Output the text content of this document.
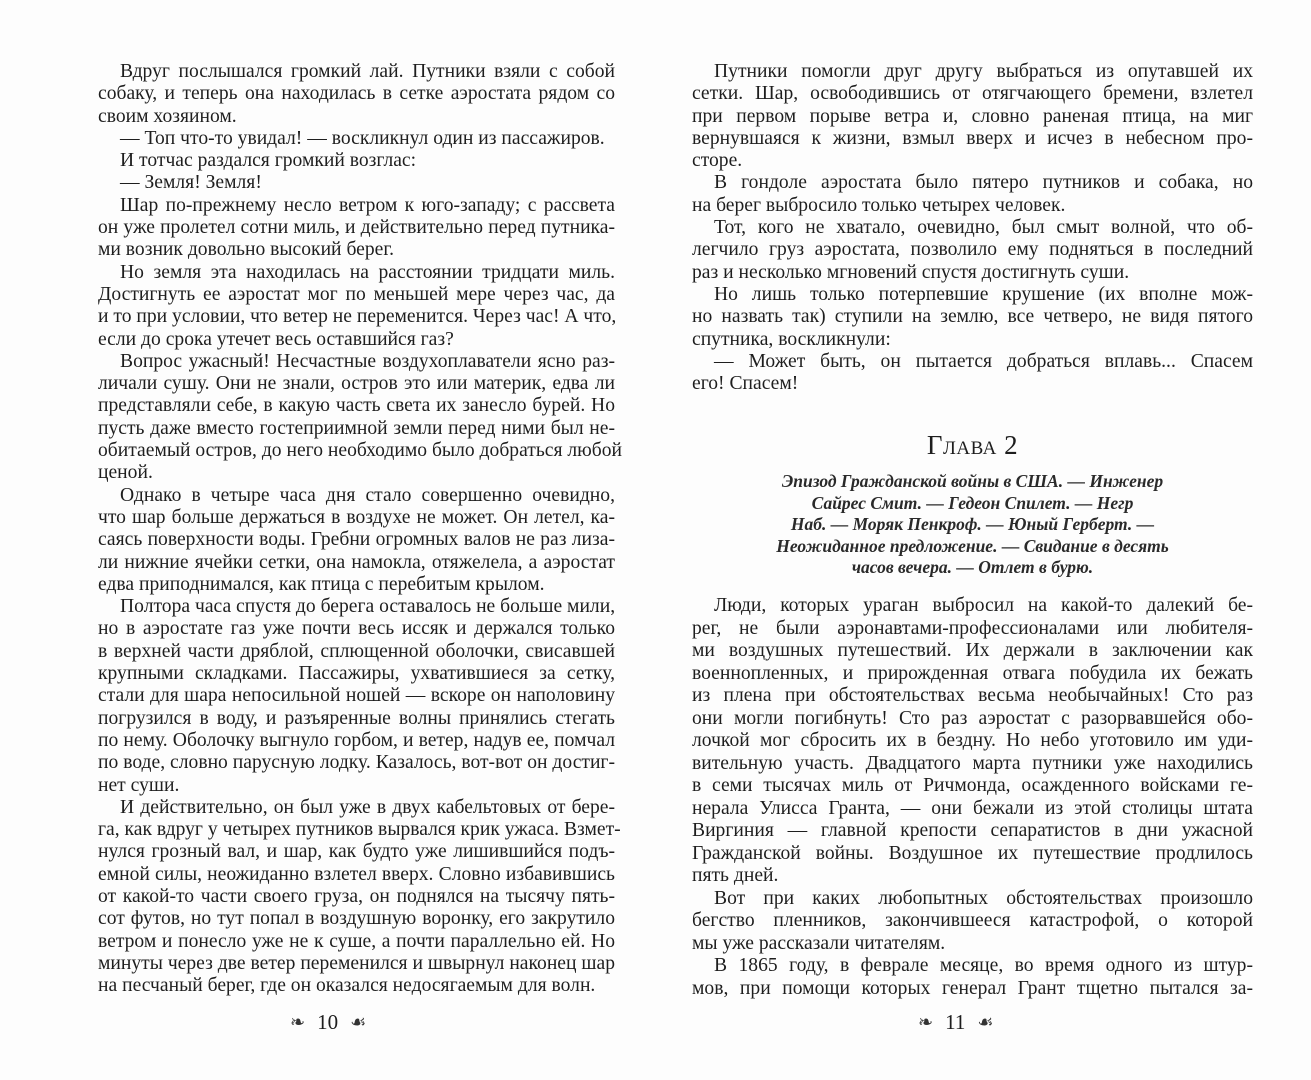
Вдруг послышался громкий лай. Путники взяли с собой
собаку, и теперь она находилась в сетке аэростата рядом со
своим хозяином.
— Топ что-то увидал! — воскликнул один из пассажиров.
И тотчас раздался громкий возглас:
— Земля! Земля!
Шар по-прежнему несло ветром к юго-западу; с рассвета
он уже пролетел сотни миль, и действительно перед путника-
ми возник довольно высокий берег.
Но земля эта находилась на расстоянии тридцати миль.
Достигнуть ее аэростат мог по меньшей мере через час, да
и то при условии, что ветер не переменится. Через час! А что,
если до срока утечет весь оставшийся газ?
Вопрос ужасный! Несчастные воздухоплаватели ясно раз-
личали сушу. Они не знали, остров это или материк, едва ли
представляли себе, в какую часть света их занесло бурей. Но
пусть даже вместо гостеприимной земли перед ними был не-
обитаемый остров, до него необходимо было добраться любой
ценой.
Однако в четыре часа дня стало совершенно очевидно,
что шар больше держаться в воздухе не может. Он летел, ка-
саясь поверхности воды. Гребни огромных валов не раз лиза-
ли нижние ячейки сетки, она намокла, отяжелела, а аэростат
едва приподнимался, как птица с перебитым крылом.
Полтора часа спустя до берега оставалось не больше мили,
но в аэростате газ уже почти весь иссяк и держался только
в верхней части дряблой, сплющенной оболочки, свисавшей
крупными складками. Пассажиры, ухватившиеся за сетку,
стали для шара непосильной ношей — вскоре он наполовину
погрузился в воду, и разъяренные волны принялись стегать
по нему. Оболочку выгнуло горбом, и ветер, надув ее, помчал
по воде, словно парусную лодку. Казалось, вот-вот он достиг-
нет суши.
И действительно, он был уже в двух кабельтовых от бере-
га, как вдруг у четырех путников вырвался крик ужаса. Взмет-
нулся грозный вал, и шар, как будто уже лишившийся подъ-
емной силы, неожиданно взлетел вверх. Словно избавившись
от какой-то части своего груза, он поднялся на тысячу пять-
сот футов, но тут попал в воздушную воронку, его закрутило
ветром и понесло уже не к суше, а почти параллельно ей. Но
минуты через две ветер переменился и швырнул наконец шар
на песчаный берег, где он оказался недосягаемым для волн.
Путники помогли друг другу выбраться из опутавшей их
сетки. Шар, освободившись от отягчающего бремени, взлетел
при первом порыве ветра и, словно раненая птица, на миг
вернувшаяся к жизни, взмыл вверх и исчез в небесном про-
сторе.
В гондоле аэростата было пятеро путников и собака, но
на берег выбросило только четырех человек.
Тот, кого не хватало, очевидно, был смыт волной, что об-
легчило груз аэростата, позволило ему подняться в последний
раз и несколько мгновений спустя достигнуть суши.
Но лишь только потерпевшие крушение (их вполне мож-
но назвать так) ступили на землю, все четверо, не видя пятого
спутника, воскликнули:
— Может быть, он пытается добраться вплавь... Спасем
его! Спасем!
Глава 2
Эпизод Гражданской войны в США. — Инженер
Сайрес Смит. — Гедеон Спилет. — Негр
Наб. — Моряк Пенкроф. — Юный Герберт. —
Неожиданное предложение. — Свидание в десять
часов вечера. — Отлет в бурю.
Люди, которых ураган выбросил на какой-то далекий бе-
рег, не были аэронавтами-профессионалами или любителя-
ми воздушных путешествий. Их держали в заключении как
военнопленных, и прирожденная отвага побудила их бежать
из плена при обстоятельствах весьма необычайных! Сто раз
они могли погибнуть! Сто раз аэростат с разорвавшейся обо-
лочкой мог сбросить их в бездну. Но небо уготовило им уди-
вительную участь. Двадцатого марта путники уже находились
в семи тысячах миль от Ричмонда, осажденного войсками ге-
нерала Улисса Гранта, — они бежали из этой столицы штата
Виргиния — главной крепости сепаратистов в дни ужасной
Гражданской войны. Воздушное их путешествие продлилось
пять дней.
Вот при каких любопытных обстоятельствах произошло
бегство пленников, закончившееся катастрофой, о которой
мы уже рассказали читателям.
В 1865 году, в феврале месяце, во время одного из штур-
мов, при помощи которых генерал Грант тщетно пытался за-
❧ 10 ☙	❧ 11 ☙
